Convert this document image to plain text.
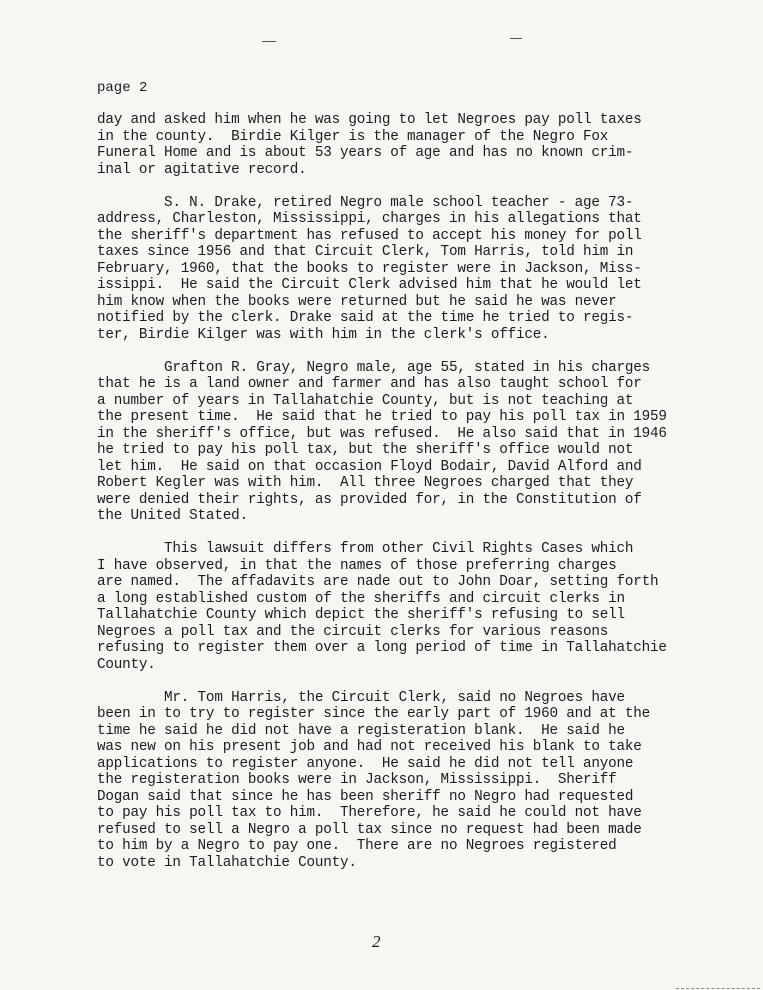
page 2
day and asked him when he was going to let Negroes pay poll taxes
in the county.  Birdie Kilger is the manager of the Negro Fox
Funeral Home and is about 53 years of age and has no known crim-
inal or agitative record.
S. N. Drake, retired Negro male school teacher - age 73-
address, Charleston, Mississippi, charges in his allegations that
the sheriff's department has refused to accept his money for poll
taxes since 1956 and that Circuit Clerk, Tom Harris, told him in
February, 1960, that the books to register were in Jackson, Miss-
issippi.  He said the Circuit Clerk advised him that he would let
him know when the books were returned but he said he was never
notified by the clerk. Drake said at the time he tried to regis-
ter, Birdie Kilger was with him in the clerk's office.
Grafton R. Gray, Negro male, age 55, stated in his charges
that he is a land owner and farmer and has also taught school for
a number of years in Tallahatchie County, but is not teaching at
the present time.  He said that he tried to pay his poll tax in 1959
in the sheriff's office, but was refused.  He also said that in 1946
he tried to pay his poll tax, but the sheriff's office would not
let him.  He said on that occasion Floyd Bodair, David Alford and
Robert Kegler was with him.  All three Negroes charged that they
were denied their rights, as provided for, in the Constitution of
the United Stated.
This lawsuit differs from other Civil Rights Cases which
I have observed, in that the names of those preferring charges
are named.  The affadavits are nade out to John Doar, setting forth
a long established custom of the sheriffs and circuit clerks in
Tallahatchie County which depict the sheriff's refusing to sell
Negroes a poll tax and the circuit clerks for various reasons
refusing to register them over a long period of time in Tallahatchie
County.
Mr. Tom Harris, the Circuit Clerk, said no Negroes have
been in to try to register since the early part of 1960 and at the
time he said he did not have a registeration blank.  He said he
was new on his present job and had not received his blank to take
applications to register anyone.  He said he did not tell anyone
the registeration books were in Jackson, Mississippi.  Sheriff
Dogan said that since he has been sheriff no Negro had requested
to pay his poll tax to him.  Therefore, he said he could not have
refused to sell a Negro a poll tax since no request had been made
to him by a Negro to pay one.  There are no Negroes registered
to vote in Tallahatchie County.
2
